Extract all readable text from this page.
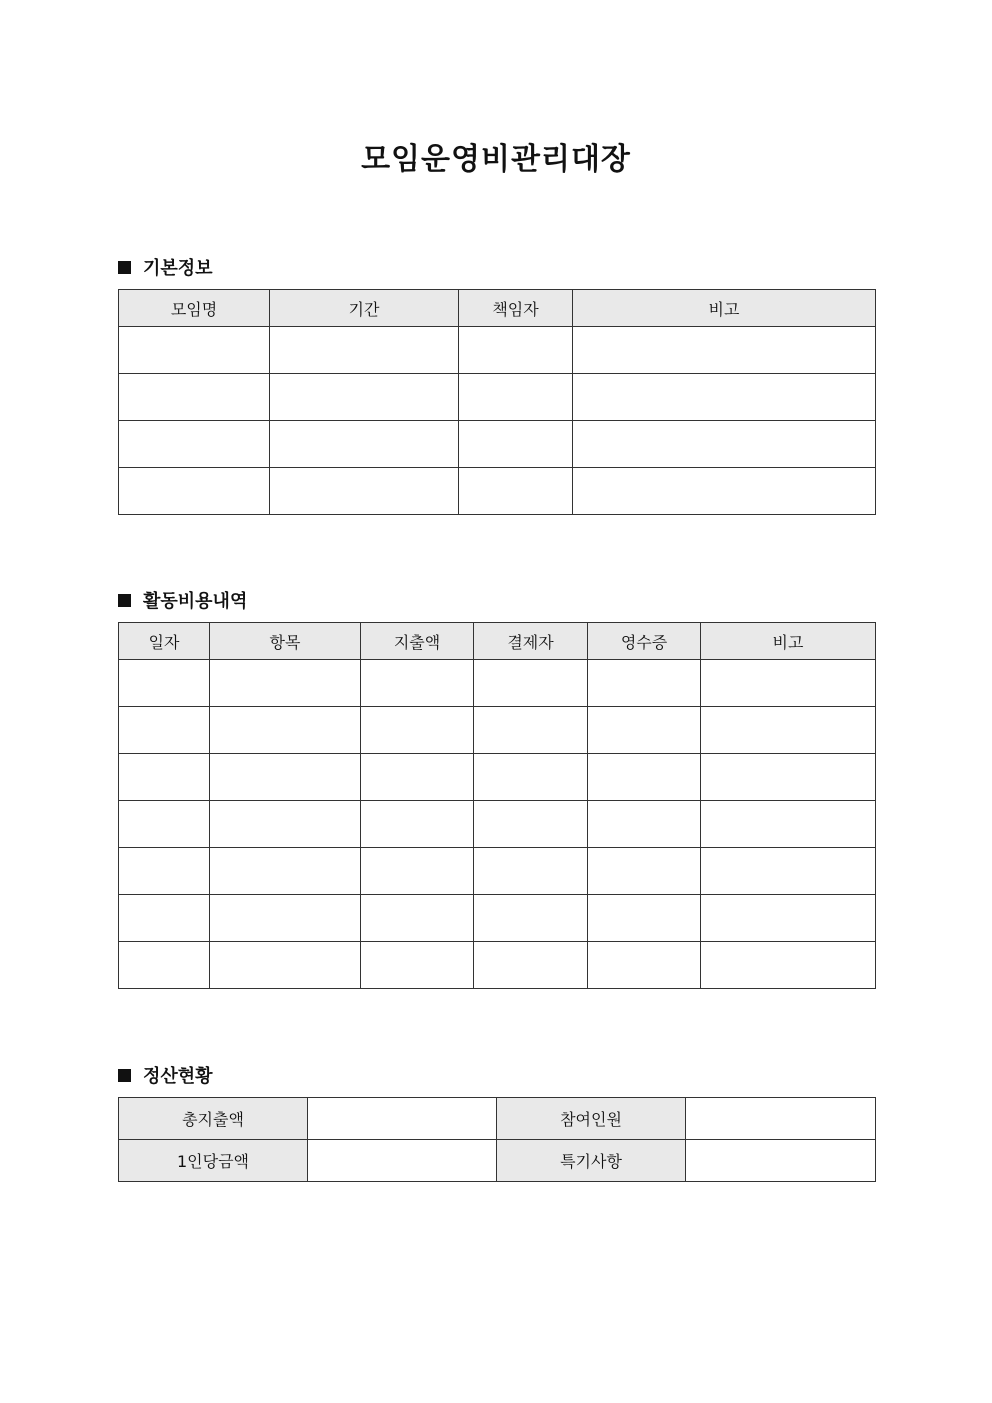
모임운영비관리대장
기본정보
모임명	기간	책임자	비고

활동비용내역
일자	항목	지출액	결제자	영수증	비고

정산현황
총지출액		참여인원	
1인당금액		특기사항	
